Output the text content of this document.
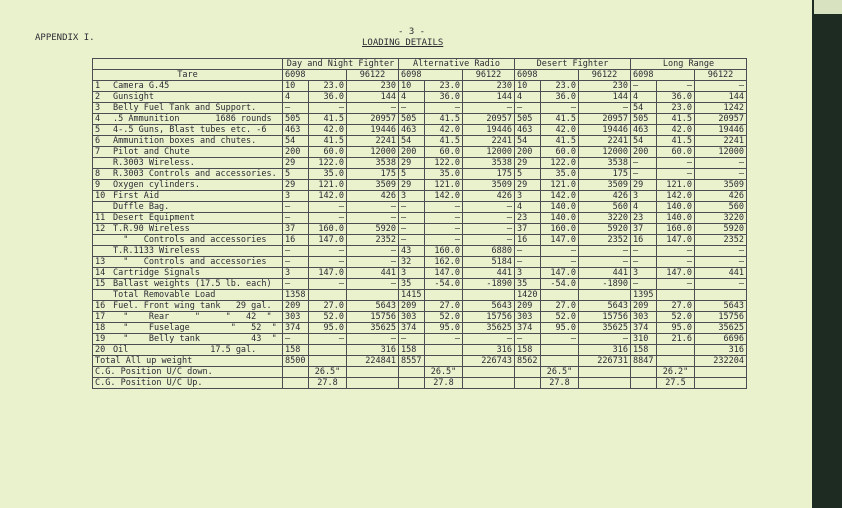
APPENDIX I.
- 3 -
LOADING DETAILS
	Day and Night Fighter			Alternative Radio			Desert Fighter			Long Range		
Tare	6098		96122	6098		96122	6098		96122	6098		96122
1 Camera G.45	10	23.0	230	10	23.0	230	10	23.0	230	–	–	–
2 Gunsight	4	36.0	144	4	36.0	144	4	36.0	144	4	36.0	144
3 Belly Fuel Tank and Support.	–	–	–	–	–	–	–	–	–	54	23.0	1242
4 .5 Ammunition       1686 rounds	505	41.5	20957	505	41.5	20957	505	41.5	20957	505	41.5	20957
5 4-.5 Guns, Blast tubes etc. -6	463	42.0	19446	463	42.0	19446	463	42.0	19446	463	42.0	19446
6 Ammunition boxes and chutes.	54	41.5	2241	54	41.5	2241	54	41.5	2241	54	41.5	2241
7 Pilot and Chute	200	60.0	12000	200	60.0	12000	200	60.0	12000	200	60.0	12000
R.3003 Wireless.	29	122.0	3538	29	122.0	3538	29	122.0	3538	–	–	–
8 R.3003 Controls and accessories.	5	35.0	175	5	35.0	175	5	35.0	175	–	–	–
9 Oxygen cylinders.	29	121.0	3509	29	121.0	3509	29	121.0	3509	29	121.0	3509
10 First Aid	3	142.0	426	3	142.0	426	3	142.0	426	3	142.0	426
Duffle Bag.	–	–	–	–	–	–	4	140.0	560	4	140.0	560
11 Desert Equipment	–	–	–	–	–	–	23	140.0	3220	23	140.0	3220
12 T.R.90 Wireless	37	160.0	5920	–	–	–	37	160.0	5920	37	160.0	5920
"   Controls and accessories	16	147.0	2352	–	–	–	16	147.0	2352	16	147.0	2352
T.R.1133 Wireless	–	–	–	43	160.0	6880	–	–	–	–	–	–
13  "   Controls and accessories	–	–	–	32	162.0	5184	–	–	–	–	–	–
14 Cartridge Signals	3	147.0	441	3	147.0	441	3	147.0	441	3	147.0	441
15 Ballast weights (17.5 lb. each)	–	–	–	35	-54.0	-1890	35	-54.0	-1890	–	–	–
Total Removable Load	1358			1415			1420			1395		
16 Fuel. Front wing tank   29 gal.	209	27.0	5643	209	27.0	5643	209	27.0	5643	209	27.0	5643
17  "    Rear     "     "   42  "	303	52.0	15756	303	52.0	15756	303	52.0	15756	303	52.0	15756
18  "    Fuselage        "   52  "	374	95.0	35625	374	95.0	35625	374	95.0	35625	374	95.0	35625
19  "    Belly tank          43  "	–	–	–	–	–	–	–	–	–	310	21.6	6696
20 Oil                17.5 gal.	158		316	158		316	158		316	158		316
Total All up weight	8500		224841	8557		226743	8562		226731	8847		232204
C.G. Position U/C down.		26.5"			26.5"			26.5"			26.2"	
C.G. Position U/C Up.		27.8			27.8			27.8			27.5	
